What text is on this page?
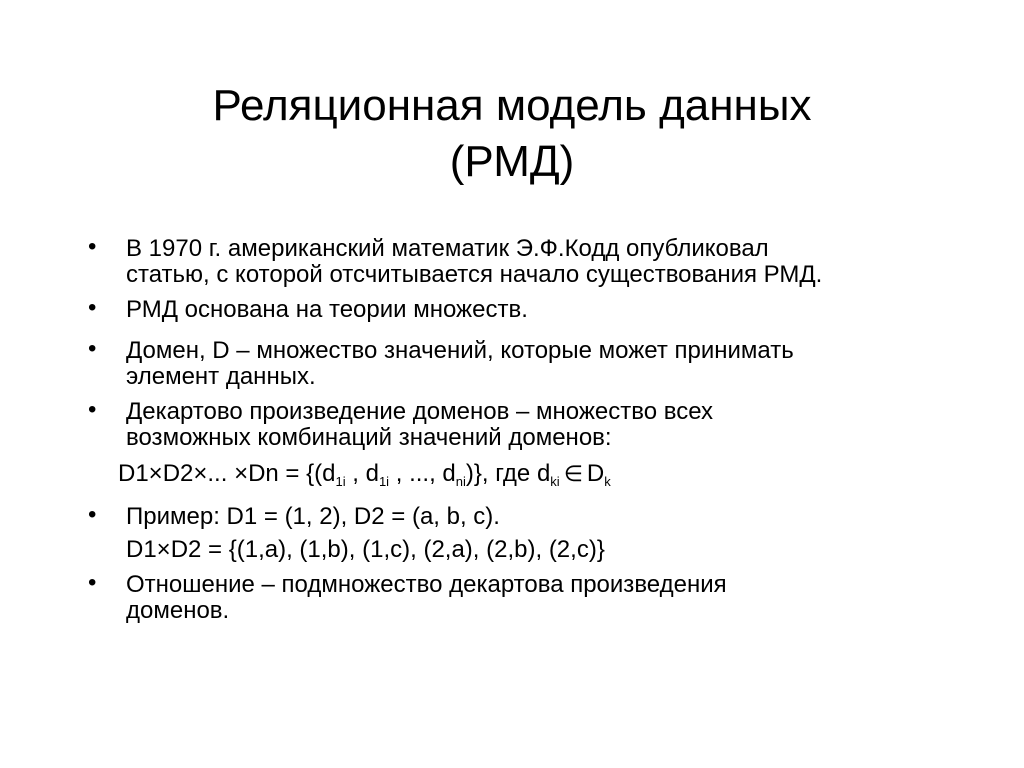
Реляционная модель данных
(РМД)
• В 1970 г. американский математик Э.Ф.Кодд опубликовал
статью, с которой отсчитывается начало существования РМД.
• РМД основана на теории множеств.
• Домен, D – множество значений, которые может принимать
элемент данных.
• Декартово произведение доменов – множество всех
возможных комбинаций значений доменов:
D1×D2×... $\times Dn = \{(d_{1i}$ , $d_{1i}$ , ..., $d_{ni}$)}, где $d_{ki}$ ∈ $D_k$
• Пример: D1 = (1, 2), D2 = (a, b, c).
D1×D2 = {(1,a), (1,b), (1,c), (2,a), (2,b), (2,c)}
• Отношение – подмножество декартова произведения
доменов.
